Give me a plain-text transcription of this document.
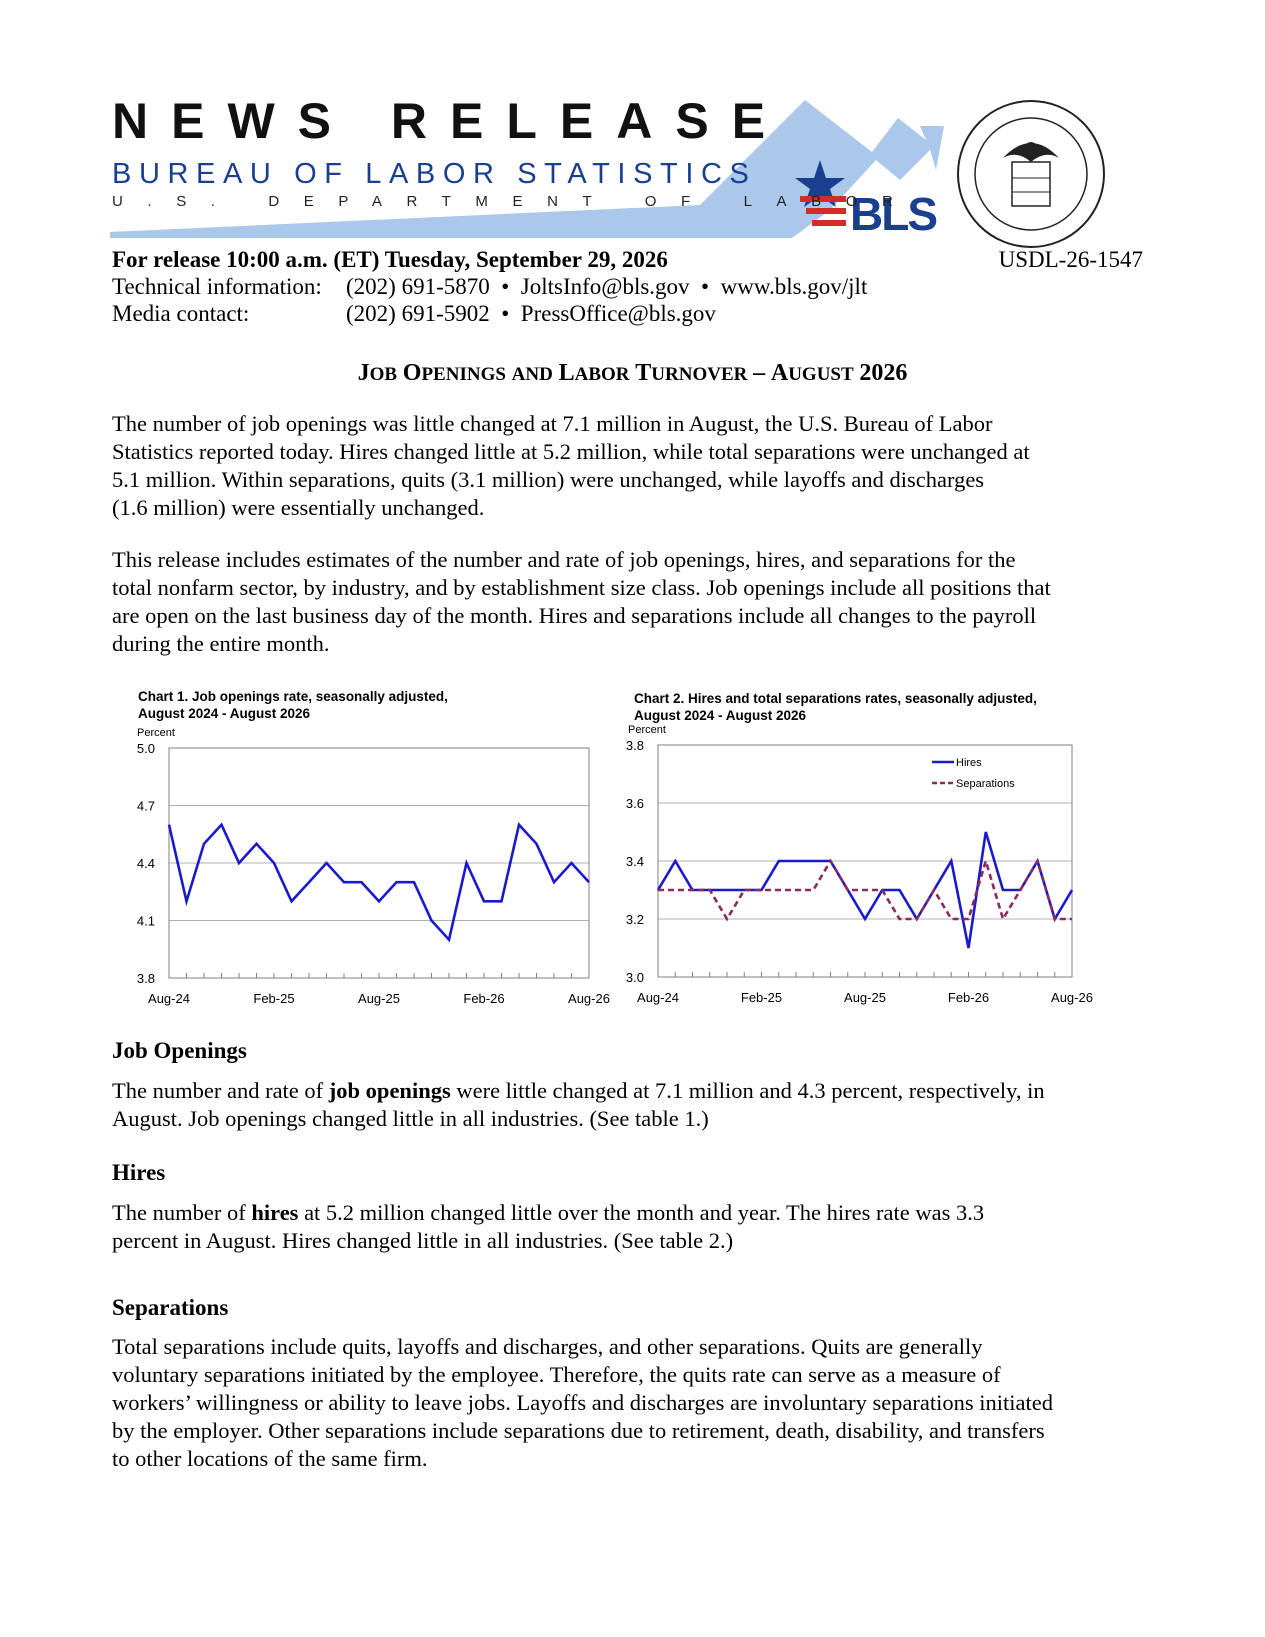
BLS
NEWS RELEASE
BUREAU OF LABOR STATISTICS
U.S. DEPARTMENT OF LABOR
For release 10:00 a.m. (ET) Tuesday, September 29, 2026	USDL-26-1547
Technical information: (202) 691-5870  •  JoltsInfo@bls.gov  •  www.bls.gov/jlt
Media contact:	(202) 691-5902  •  PressOffice@bls.gov
JOB OPENINGS AND LABOR TURNOVER – AUGUST 2026

The number of job openings was little changed at 7.1 million in August, the U.S. Bureau of Labor
Statistics reported today. Hires changed little at 5.2 million, while total separations were unchanged at
5.1 million. Within separations, quits (3.1 million) were unchanged, while layoffs and discharges
(1.6 million) were essentially unchanged.

This release includes estimates of the number and rate of job openings, hires, and separations for the
total nonfarm sector, by industry, and by establishment size class. Job openings include all positions that
are open on the last business day of the month. Hires and separations include all changes to the payroll
during the entire month.

Chart 1. Job openings rate, seasonally adjusted,
August 2024 - August 2026
Percent
3.8
4.1
4.4
4.7
5.0
Aug-24	Feb-25	Aug-25	Feb-26	Aug-26
Chart 2. Hires and total separations rates, seasonally adjusted,
August 2024 - August 2026
Percent
3.0
3.2
3.4
3.6
3.8
Aug-24	Feb-25	Aug-25	Feb-26	Aug-26
Hires
Separations
Job Openings

The number and rate of job openings were little changed at 7.1 million and 4.3 percent, respectively, in
August. Job openings changed little in all industries. (See table 1.)

Hires

The number of hires at 5.2 million changed little over the month and year. The hires rate was 3.3
percent in August. Hires changed little in all industries. (See table 2.)

Separations

Total separations include quits, layoffs and discharges, and other separations. Quits are generally
voluntary separations initiated by the employee. Therefore, the quits rate can serve as a measure of
workers’ willingness or ability to leave jobs. Layoffs and discharges are involuntary separations initiated
by the employer. Other separations include separations due to retirement, death, disability, and transfers
to other locations of the same firm.
